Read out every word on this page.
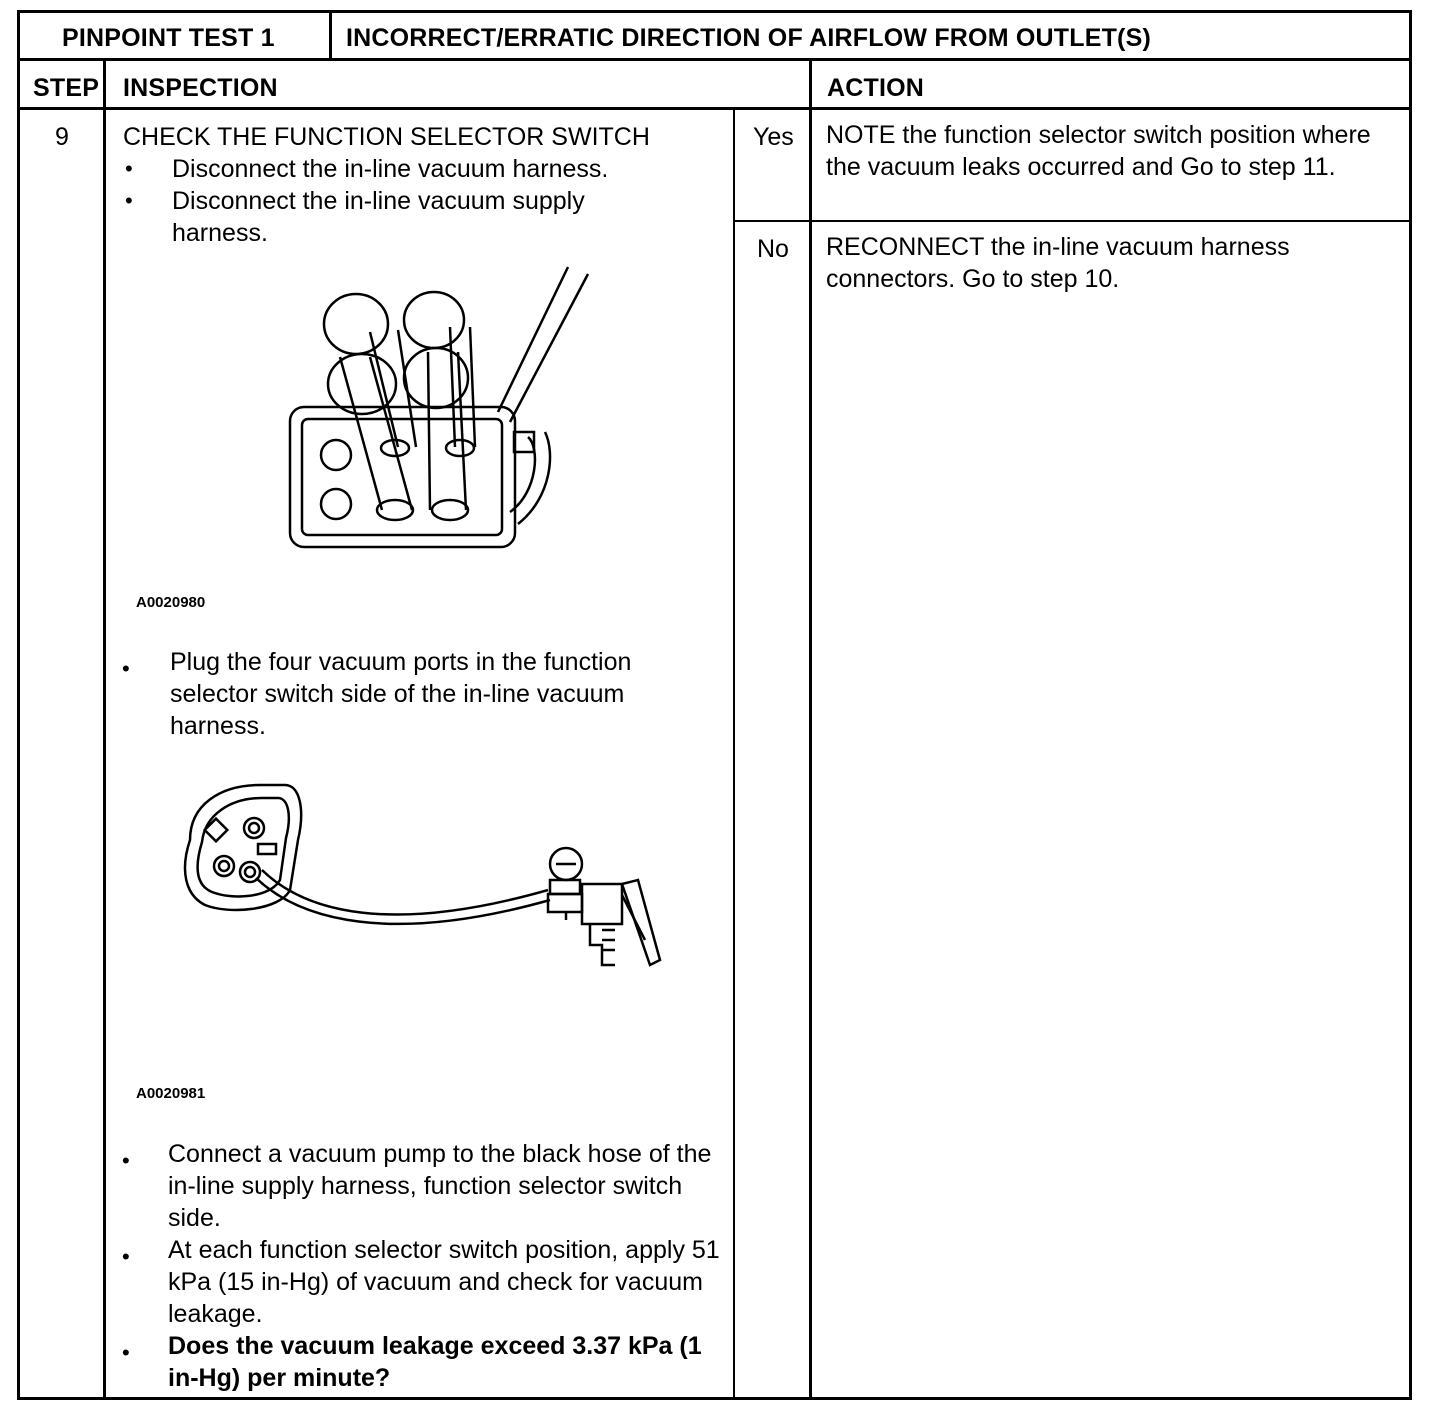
PINPOINT TEST 1	INCORRECT/ERRATIC DIRECTION OF AIRFLOW FROM OUTLET(S)
STEP INSPECTION	ACTION
9 CHECK THE FUNCTION SELECTOR SWITCH
• Disconnect the in-line vacuum harness.
• Disconnect the in-line vacuum supply harness.
A0020980
• Plug the four vacuum ports in the function selector switch side of the in-line vacuum harness.
A0020981
• Connect a vacuum pump to the black hose of the in-line supply harness, function selector switch side.
• At each function selector switch position, apply 51 kPa (15 in-Hg) of vacuum and check for vacuum leakage.
• Does the vacuum leakage exceed 3.37 kPa (1 in-Hg) per minute?
Yes NOTE the function selector switch position where the vacuum leaks occurred and Go to step 11.
No RECONNECT the in-line vacuum harness connectors. Go to step 10.
